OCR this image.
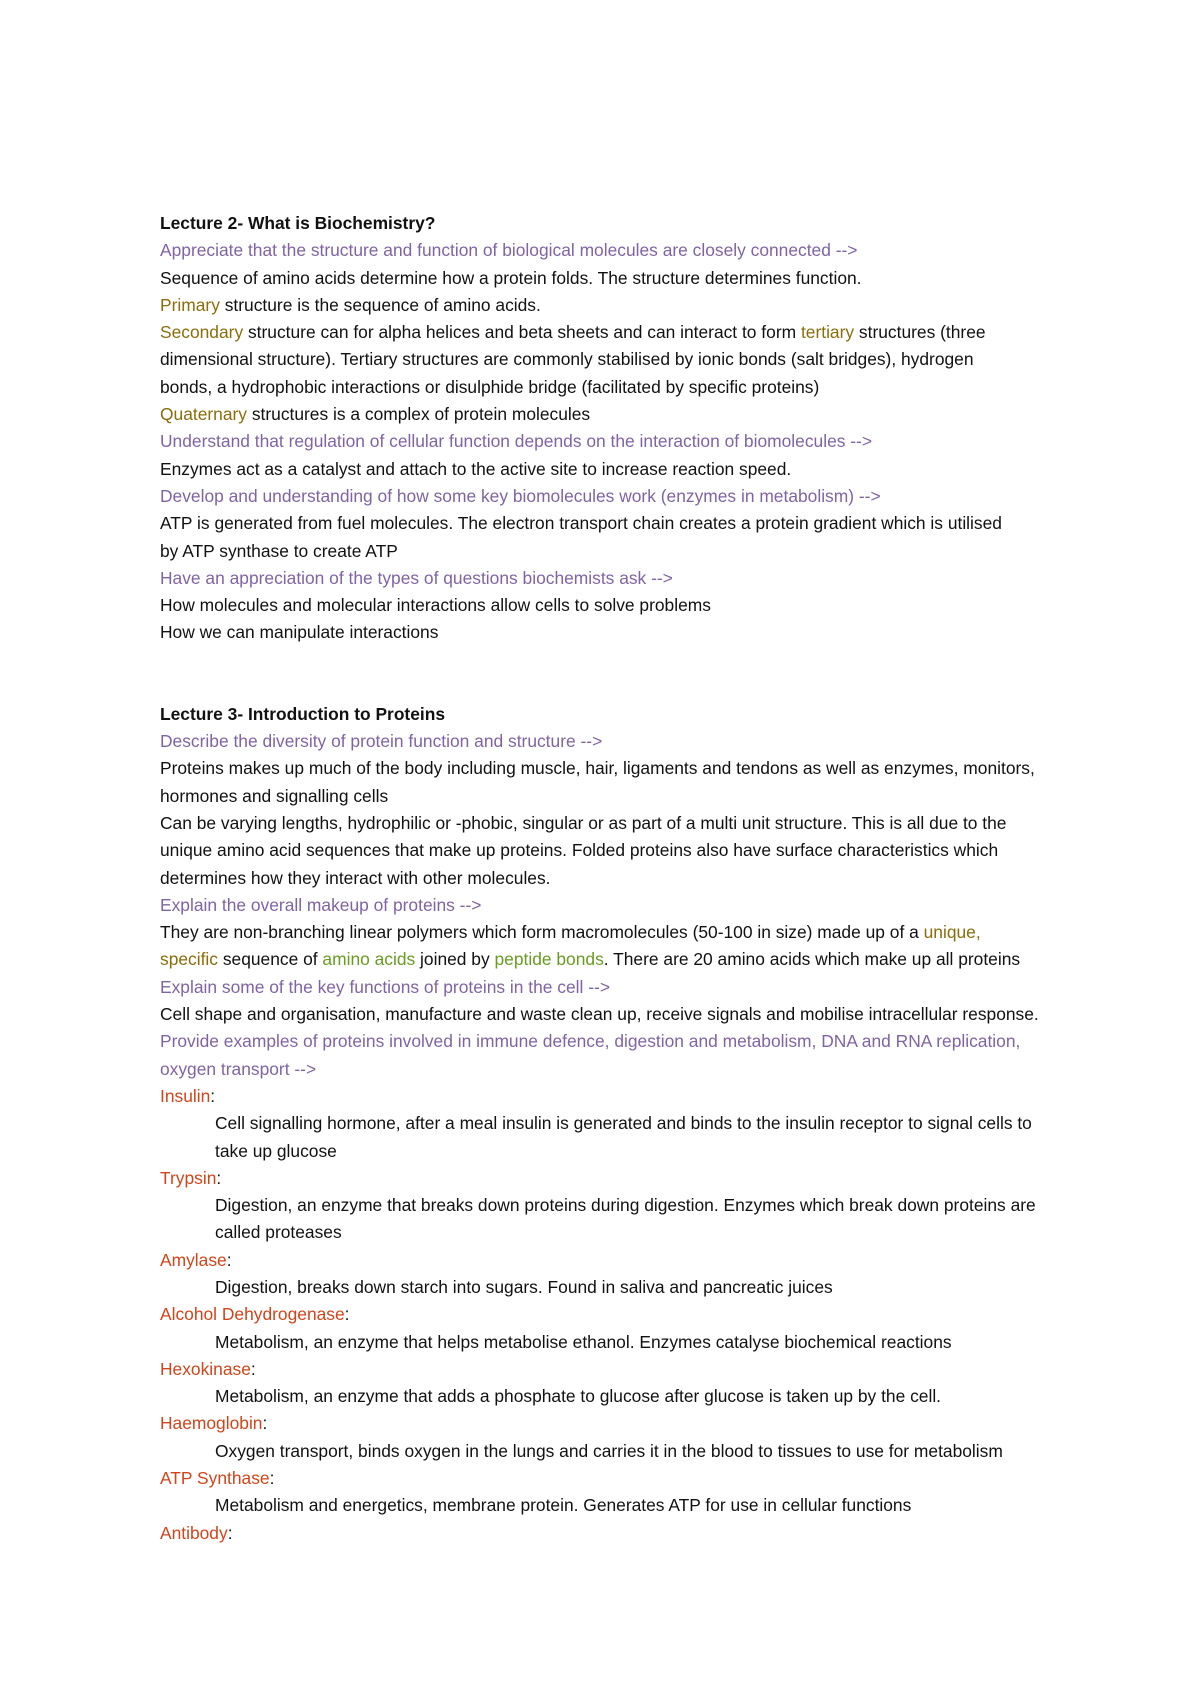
Lecture 2- What is Biochemistry?
Appreciate that the structure and function of biological molecules are closely connected -->
Sequence of amino acids determine how a protein folds. The structure determines function.
Primary structure is the sequence of amino acids.
Secondary structure can for alpha helices and beta sheets and can interact to form tertiary structures (three
dimensional structure). Tertiary structures are commonly stabilised by ionic bonds (salt bridges), hydrogen
bonds, a hydrophobic interactions or disulphide bridge (facilitated by specific proteins)
Quaternary structures is a complex of protein molecules
Understand that regulation of cellular function depends on the interaction of biomolecules -->
Enzymes act as a catalyst and attach to the active site to increase reaction speed.
Develop and understanding of how some key biomolecules work (enzymes in metabolism) -->
ATP is generated from fuel molecules. The electron transport chain creates a protein gradient which is utilised
by ATP synthase to create ATP
Have an appreciation of the types of questions biochemists ask -->
How molecules and molecular interactions allow cells to solve problems
How we can manipulate interactions
Lecture 3- Introduction to Proteins
Describe the diversity of protein function and structure -->
Proteins makes up much of the body including muscle, hair, ligaments and tendons as well as enzymes, monitors,
hormones and signalling cells
Can be varying lengths, hydrophilic or -phobic, singular or as part of a multi unit structure. This is all due to the
unique amino acid sequences that make up proteins. Folded proteins also have surface characteristics which
determines how they interact with other molecules.
Explain the overall makeup of proteins -->
They are non-branching linear polymers which form macromolecules (50-100 in size) made up of a unique,
specific sequence of amino acids joined by peptide bonds. There are 20 amino acids which make up all proteins
Explain some of the key functions of proteins in the cell -->
Cell shape and organisation, manufacture and waste clean up, receive signals and mobilise intracellular response.
Provide examples of proteins involved in immune defence, digestion and metabolism, DNA and RNA replication,
oxygen transport -->
Insulin:
Cell signalling hormone, after a meal insulin is generated and binds to the insulin receptor to signal cells to
take up glucose
Trypsin:
Digestion, an enzyme that breaks down proteins during digestion. Enzymes which break down proteins are
called proteases
Amylase:
Digestion, breaks down starch into sugars. Found in saliva and pancreatic juices
Alcohol Dehydrogenase:
Metabolism, an enzyme that helps metabolise ethanol. Enzymes catalyse biochemical reactions
Hexokinase:
Metabolism, an enzyme that adds a phosphate to glucose after glucose is taken up by the cell.
Haemoglobin:
Oxygen transport, binds oxygen in the lungs and carries it in the blood to tissues to use for metabolism
ATP Synthase:
Metabolism and energetics, membrane protein. Generates ATP for use in cellular functions
Antibody:
